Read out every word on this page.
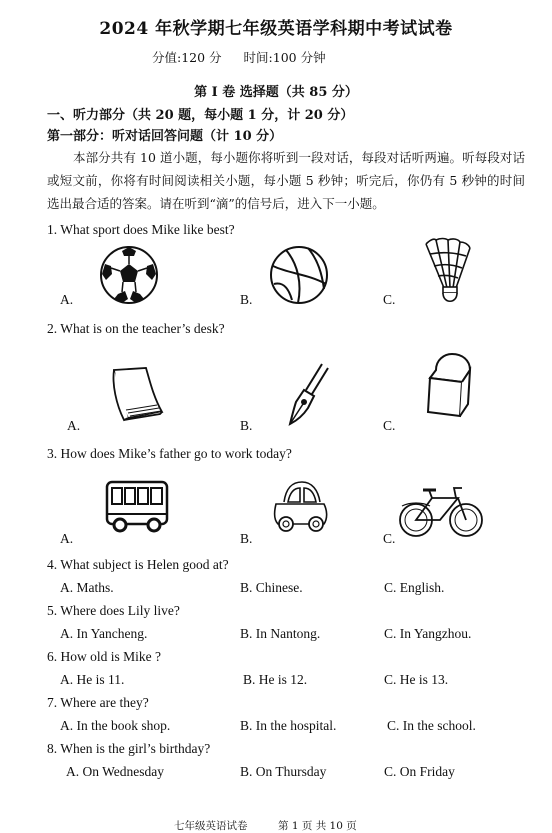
2024 年秋学期七年级英语学科期中考试试卷
分值:120 分 时间:100 分钟
第 I 卷 选择题（共 85 分）
一、听力部分（共 20 题，每小题 1 分，计 20 分）
第一部分：听对话回答问题（计 10 分）
本部分共有 10 道小题，每小题你将听到一段对话，每段对话听两遍。听每段对话或短文前，你将有时间阅读相关小题，每小题 5 秒钟；听完后，你仍有 5 秒钟的时间选出最合适的答案。请在听到“滴”的信号后，进入下一小题。
1. What sport does Mike like best?
A.	B.	C.
2. What is on the teacher’s desk?
A.	B.	C.
3. How does Mike’s father go to work today?
A.	B.	C.
4. What subject is Helen good at?
A. Maths.	B. Chinese.	C. English.
5. Where does Lily live?
A. In Yancheng.	B. In Nantong.	C. In Yangzhou.
6. How old is Mike ?
A. He is 11.	B. He is 12.	C. He is 13.
7. Where are they?
A. In the book shop.	B. In the hospital.	C. In the school.
8. When is the girl’s birthday?
A. On Wednesday	B. On Thursday	C. On Friday
七年级英语试卷	第 1 页 共 10 页
